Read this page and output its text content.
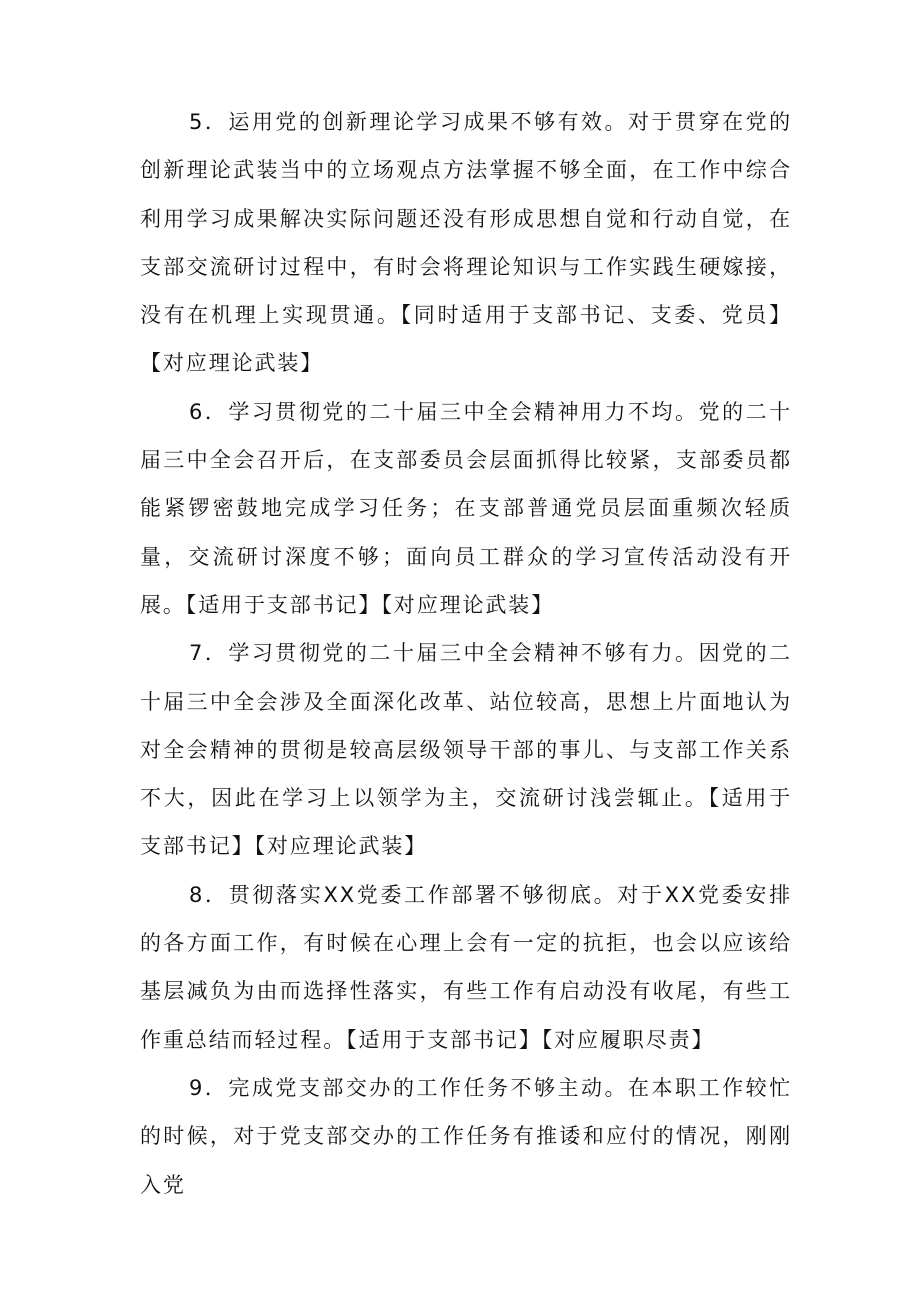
5．运用党的创新理论学习成果不够有效。对于贯穿在党的创新理论武装当中的立场观点方法掌握不够全面，在工作中综合利用学习成果解决实际问题还没有形成思想自觉和行动自觉，在支部交流研讨过程中，有时会将理论知识与工作实践生硬嫁接，没有在机理上实现贯通。【同时适用于支部书记、支委、党员】【对应理论武装】

6．学习贯彻党的二十届三中全会精神用力不均。党的二十届三中全会召开后，在支部委员会层面抓得比较紧，支部委员都能紧锣密鼓地完成学习任务；在支部普通党员层面重频次轻质量，交流研讨深度不够；面向员工群众的学习宣传活动没有开展。【适用于支部书记】【对应理论武装】

7．学习贯彻党的二十届三中全会精神不够有力。因党的二十届三中全会涉及全面深化改革、站位较高，思想上片面地认为对全会精神的贯彻是较高层级领导干部的事儿、与支部工作关系不大，因此在学习上以领学为主，交流研讨浅尝辄止。【适用于支部书记】【对应理论武装】

8．贯彻落实XX党委工作部署不够彻底。对于XX党委安排的各方面工作，有时候在心理上会有一定的抗拒，也会以应该给基层减负为由而选择性落实，有些工作有启动没有收尾，有些工作重总结而轻过程。【适用于支部书记】【对应履职尽责】

9．完成党支部交办的工作任务不够主动。在本职工作较忙的时候，对于党支部交办的工作任务有推诿和应付的情况，刚刚入党
